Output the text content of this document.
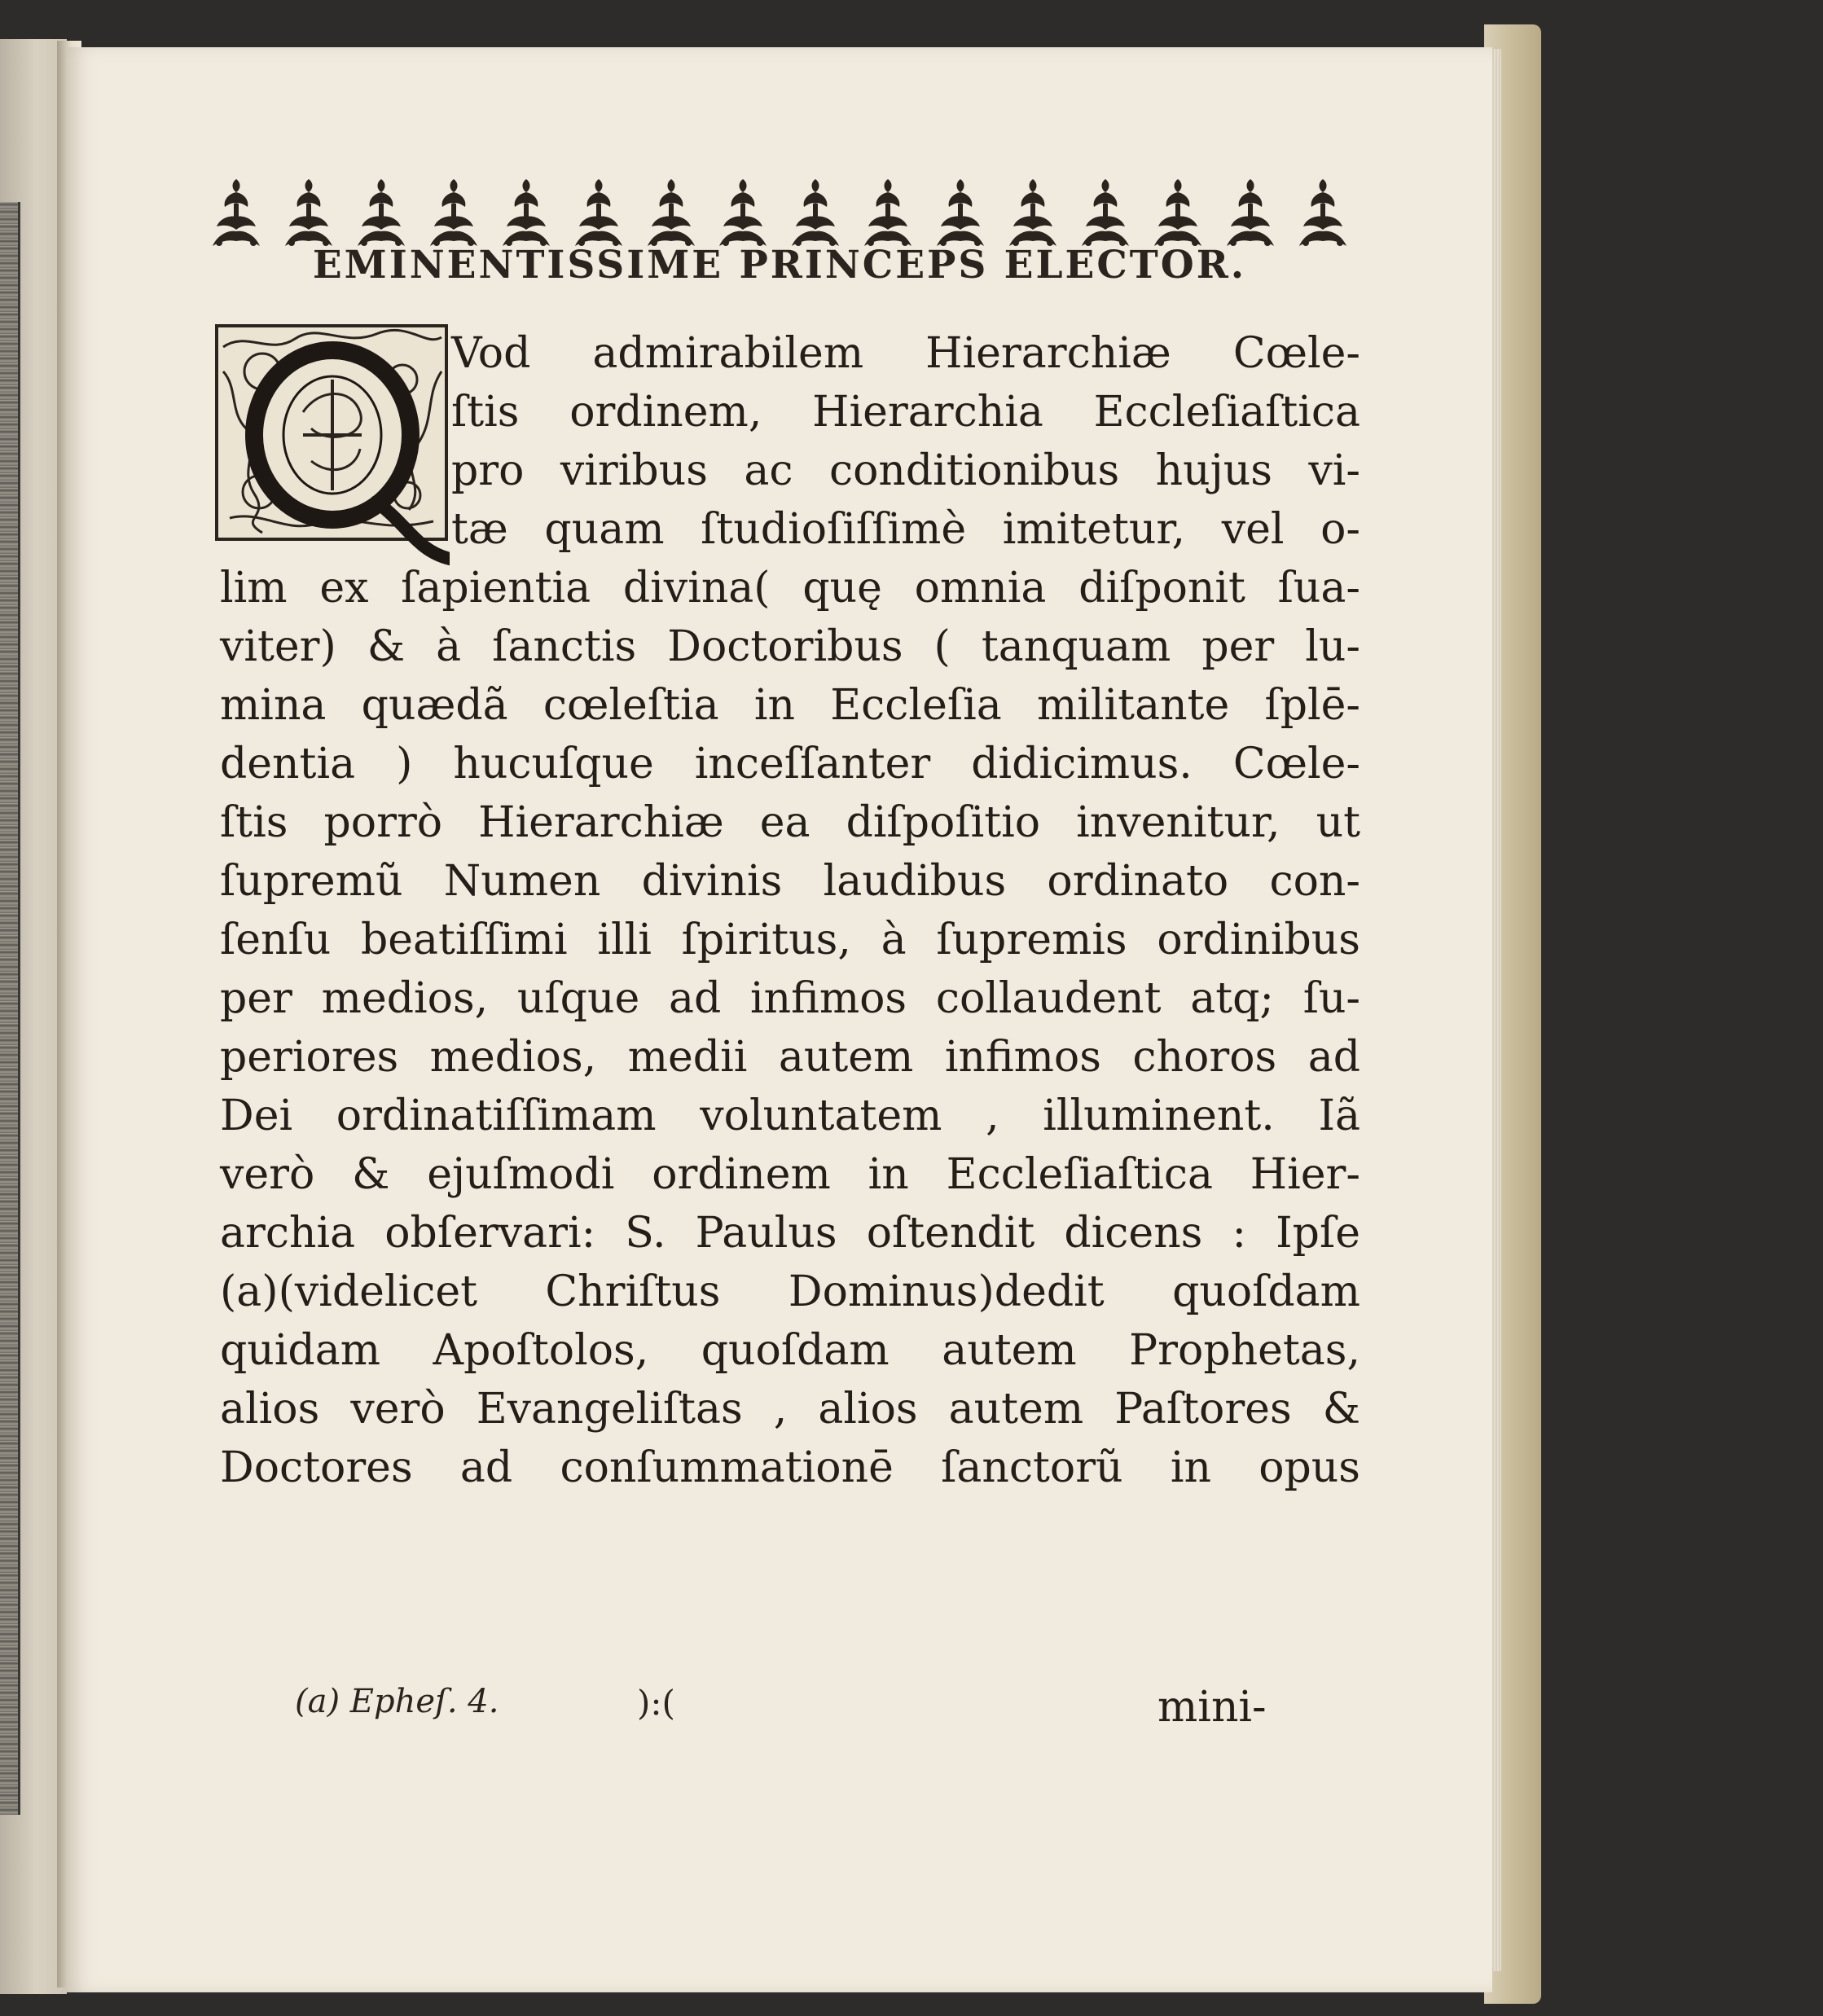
EMINENTISSIME PRINCEPS ELECTOR.
Q
Vod admirabilem Hierarchiæ Cœle-
ſtis ordinem, Hierarchia Eccleſiaſtica
pro viribus ac conditionibus hujus vi-
tæ quam ſtudioſiſſimè imitetur, vel o-
lim ex ſapientia divina( quę omnia diſponit ſua-
viter) & à ſanctis Doctoribus ( tanquam per lu-
mina quædã cœleſtia in Eccleſia militante ſplē-
dentia ) hucuſque inceſſanter didicimus. Cœle-
ſtis porrò Hierarchiæ ea diſpoſitio invenitur, ut
ſupremũ Numen divinis laudibus ordinato con-
ſenſu beatiſſimi illi ſpiritus, à ſupremis ordinibus
per medios, uſque ad infimos collaudent atq; ſu-
periores medios, medii autem infimos choros ad
Dei ordinatiſſimam voluntatem , illuminent. Iã
verò & ejuſmodi ordinem in Eccleſiaſtica Hier-
archia obſervari: S. Paulus oſtendit dicens : Ipſe
(a)(videlicet Chriſtus Dominus)dedit quoſdam
quidam Apoſtolos, quoſdam autem Prophetas,
alios verò Evangeliſtas , alios autem Paſtores &
Doctores ad conſummationē ſanctorũ in opus
(a) Epheſ. 4.	):(	mini-
